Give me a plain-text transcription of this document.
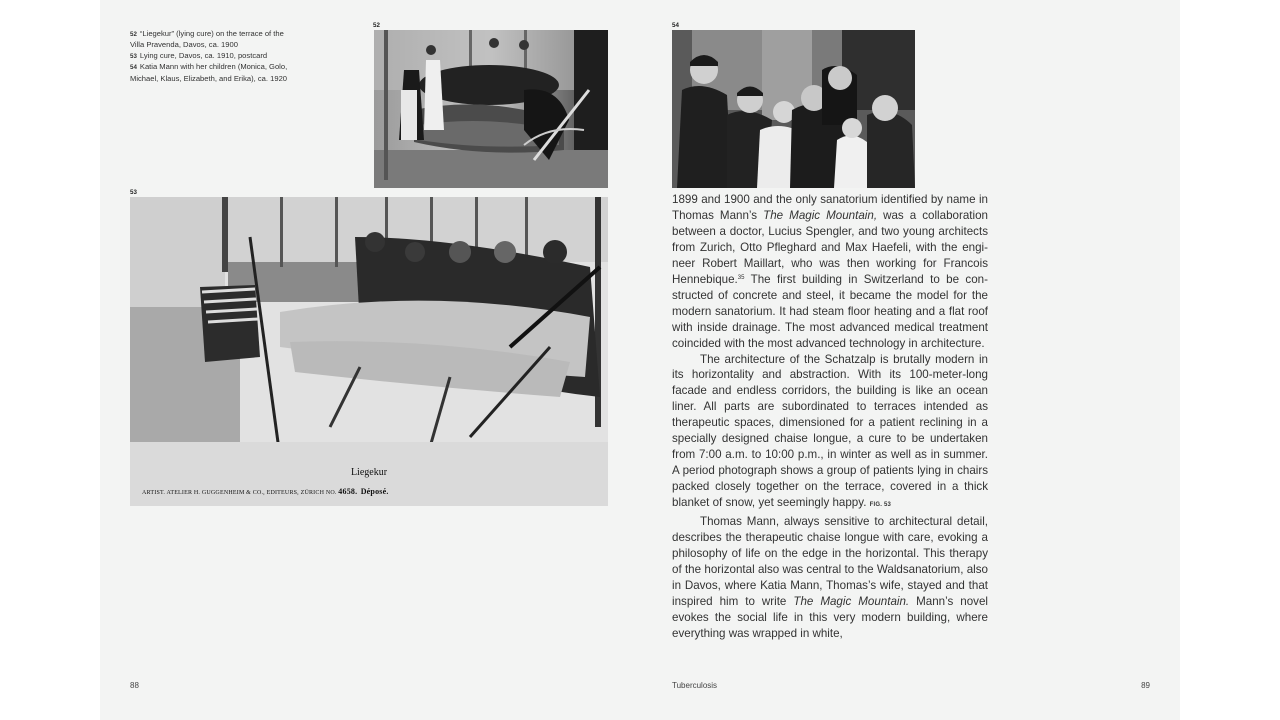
52 “Liegekur” (lying cure) on the terrace of the Villa Pravenda, Davos, ca. 1900
53 Lying cure, Davos, ca. 1910, postcard
54 Katia Mann with her children (Monica, Golo, Michael, Klaus, Elizabeth, and Erika), ca. 1920
52
53
Liegekur
ARTIST. ATELIER H. GUGGENHEIM & CO., EDITEURS, ZÜRICH NO. 4658. Déposé.
54

1899 and 1900 and the only sanatorium identified by name in Thomas Mann’s The Magic Mountain, was a collaboration between a doctor, Lucius Spengler, and two young architects from Zurich, Otto Pfleghard and Max Haefeli, with the engineer Robert Maillart, who was then working for Francois Hennebique.$^{35}$ The first building in Switzerland to be constructed of concrete and steel, it became the model for the modern sanatorium. It had steam floor heating and a flat roof with inside drainage. The most advanced medical treatment coincided with the most advanced technology in architecture.

The architecture of the Schatzalp is brutally modern in its horizontality and abstraction. With its 100-meter-long facade and endless corridors, the building is like an ocean liner. All parts are subordinated to terraces intended as therapeutic spaces, dimensioned for a patient reclining in a specially designed chaise longue, a cure to be undertaken from 7:00 a.m. to 10:00 p.m., in winter as well as in summer. A period photograph shows a group of patients lying in chairs packed closely together on the terrace, covered in a thick blanket of snow, yet seemingly happy. FIG. 53

Thomas Mann, always sensitive to architectural detail, describes the therapeutic chaise longue with care, evoking a philosophy of life on the edge in the horizontal. This therapy of the horizontal also was central to the Waldsanatorium, also in Davos, where Katia Mann, Thomas’s wife, stayed and that inspired him to write The Magic Mountain. Mann’s novel evokes the social life in this very modern building, where everything was wrapped in white,

88	Tuberculosis	89
